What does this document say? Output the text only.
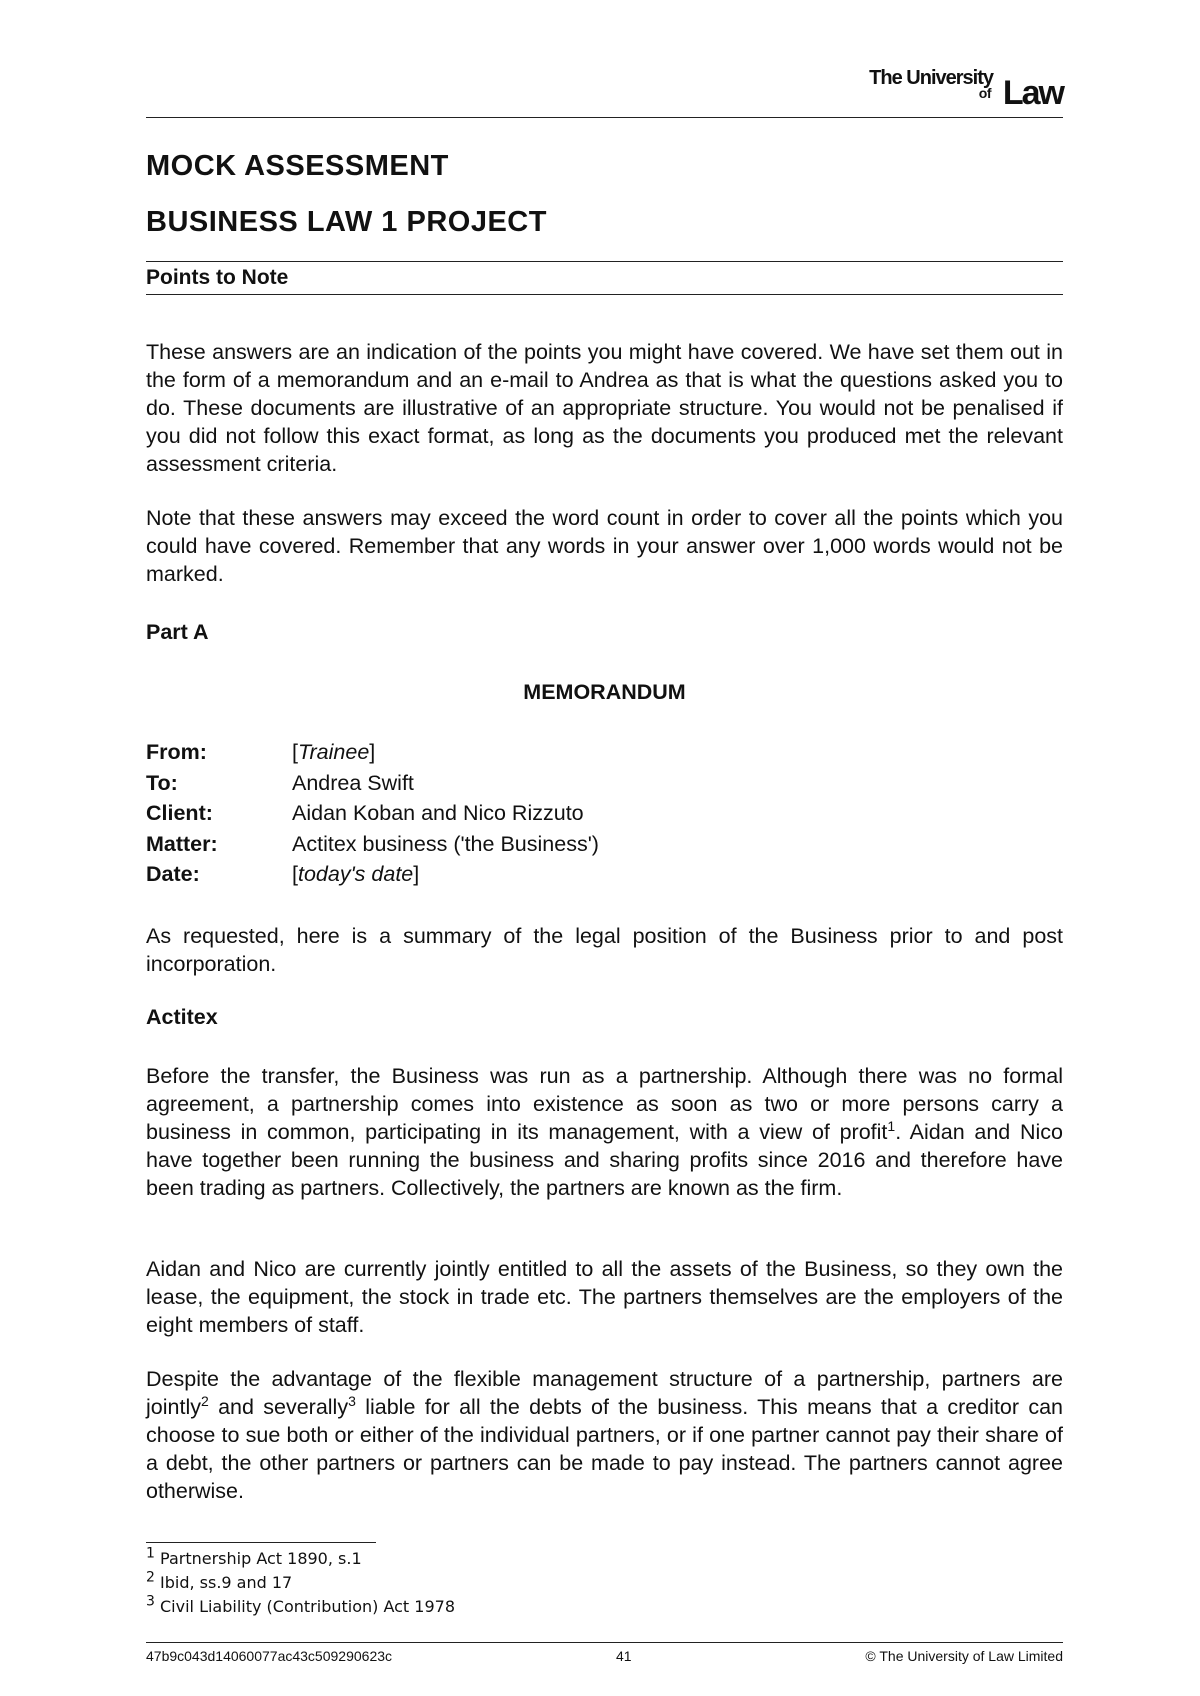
The University
of Law
MOCK ASSESSMENT
BUSINESS LAW 1 PROJECT
Points to Note
These answers are an indication of the points you might have covered. We have set them out in the form of a memorandum and an e-mail to Andrea as that is what the questions asked you to do. These documents are illustrative of an appropriate structure. You would not be penalised if you did not follow this exact format, as long as the documents you produced met the relevant assessment criteria.
Note that these answers may exceed the word count in order to cover all the points which you could have covered. Remember that any words in your answer over 1,000 words would not be marked.
Part A
MEMORANDUM
From:	[Trainee]
To:	Andrea Swift
Client:	Aidan Koban and Nico Rizzuto
Matter:	Actitex business ('the Business')
Date:	[today's date]
As requested, here is a summary of the legal position of the Business prior to and post incorporation.
Actitex
Before the transfer, the Business was run as a partnership. Although there was no formal agreement, a partnership comes into existence as soon as two or more persons carry a business in common, participating in its management, with a view of profit$^1$. Aidan and Nico have together been running the business and sharing profits since 2016 and therefore have been trading as partners. Collectively, the partners are known as the firm.
Aidan and Nico are currently jointly entitled to all the assets of the Business, so they own the lease, the equipment, the stock in trade etc. The partners themselves are the employers of the eight members of staff.
Despite the advantage of the flexible management structure of a partnership, partners are jointly$^2$ and severally$^3$ liable for all the debts of the business. This means that a creditor can choose to sue both or either of the individual partners, or if one partner cannot pay their share of a debt, the other partners or partners can be made to pay instead. The partners cannot agree otherwise.
$^1$ Partnership Act 1890, s.1
$^2$ Ibid, ss.9 and 17
$^3$ Civil Liability (Contribution) Act 1978
47b9c043d14060077ac43c509290623c	41	© The University of Law Limited
